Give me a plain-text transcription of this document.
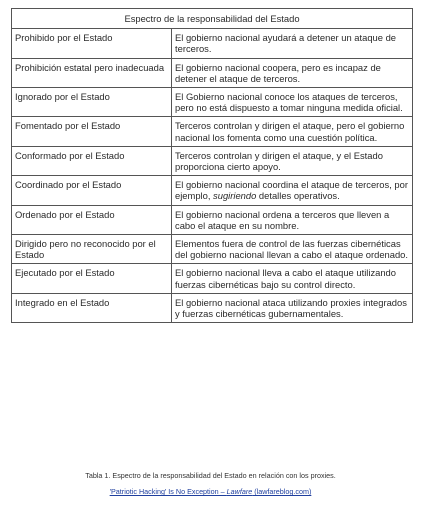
Espectro de la responsabilidad del Estado	
Prohibido por el Estado	El gobierno nacional ayudará a detener un ataque de terceros.
Prohibición estatal pero inadecuada	El gobierno nacional coopera, pero es incapaz de detener el ataque de terceros.
Ignorado por el Estado	El Gobierno nacional conoce los ataques de terceros, pero no está dispuesto a tomar ninguna medida oficial.
Fomentado por el Estado	Terceros controlan y dirigen el ataque, pero el gobierno nacional los fomenta como una cuestión política.
Conformado por el Estado	Terceros controlan y dirigen el ataque, y el Estado proporciona cierto apoyo.
Coordinado por el Estado	El gobierno nacional coordina el ataque de terceros, por ejemplo, sugiriendo detalles operativos.
Ordenado por el Estado	El gobierno nacional ordena a terceros que lleven a cabo el ataque en su nombre.
Dirigido pero no reconocido por el Estado	Elementos fuera de control de las fuerzas cibernéticas del gobierno nacional llevan a cabo el ataque ordenado.
Ejecutado por el Estado	El gobierno nacional lleva a cabo el ataque utilizando fuerzas cibernéticas bajo su control directo.
Integrado en el Estado	El gobierno nacional ataca utilizando proxies integrados y fuerzas cibernéticas gubernamentales.
Tabla 1. Espectro de la responsabilidad del Estado en relación con los proxies.
'Patriotic Hacking' Is No Exception – Lawfare (lawfareblog.com)
